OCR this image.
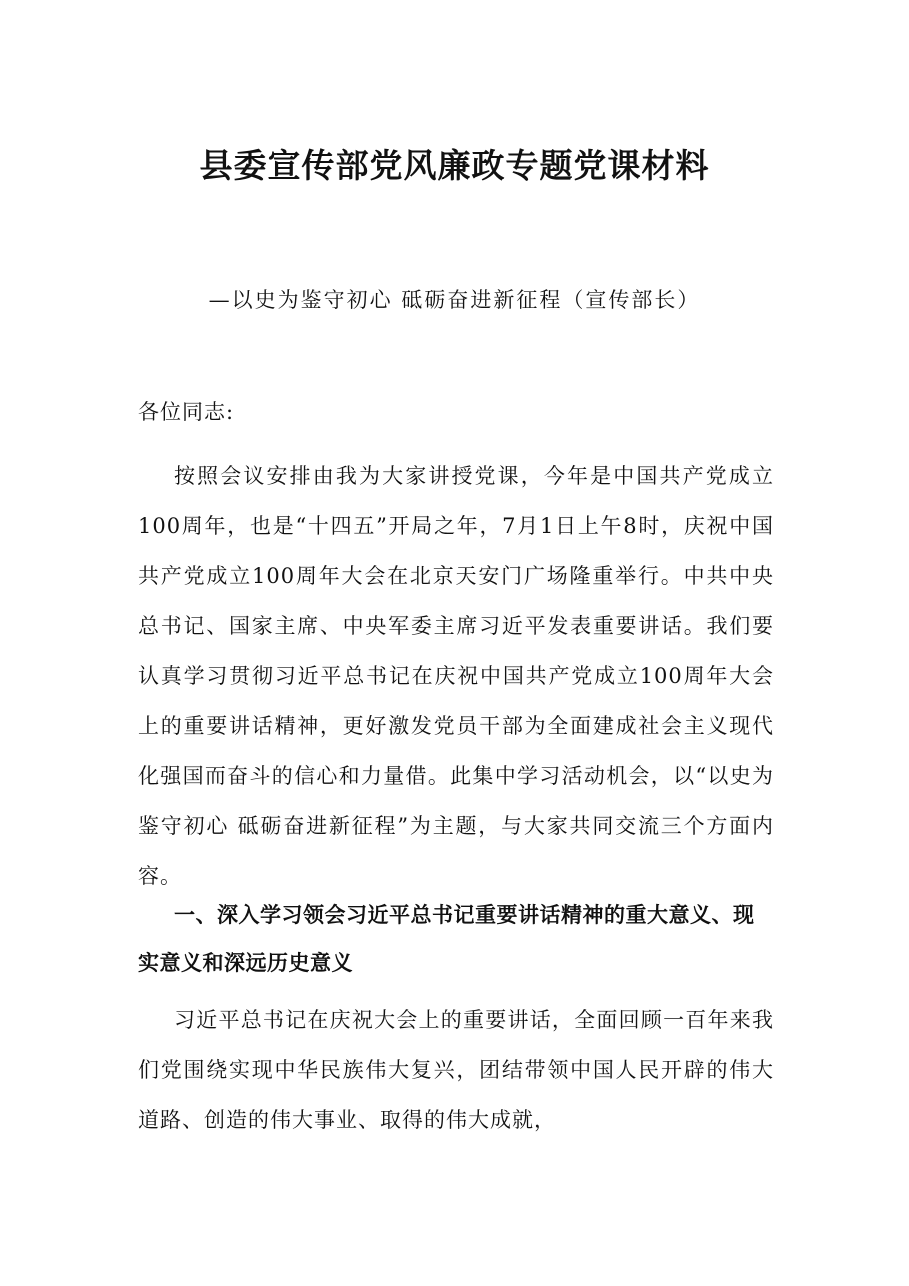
县委宣传部党风廉政专题党课材料
—以史为鉴守初心 砥砺奋进新征程（宣传部长）
各位同志:
按照会议安排由我为大家讲授党课，今年是中国共产党成立100周年，也是“十四五”开局之年，7月1日上午8时，庆祝中国共产党成立100周年大会在北京天安门广场隆重举行。中共中央总书记、国家主席、中央军委主席习近平发表重要讲话。我们要认真学习贯彻习近平总书记在庆祝中国共产党成立100周年大会上的重要讲话精神，更好激发党员干部为全面建成社会主义现代化强国而奋斗的信心和力量借。此集中学习活动机会，以“以史为鉴守初心 砥砺奋进新征程”为主题，与大家共同交流三个方面内容。
一、深入学习领会习近平总书记重要讲话精神的重大意义、现实意义和深远历史意义
习近平总书记在庆祝大会上的重要讲话，全面回顾一百年来我们党围绕实现中华民族伟大复兴，团结带领中国人民开辟的伟大道路、创造的伟大事业、取得的伟大成就，
